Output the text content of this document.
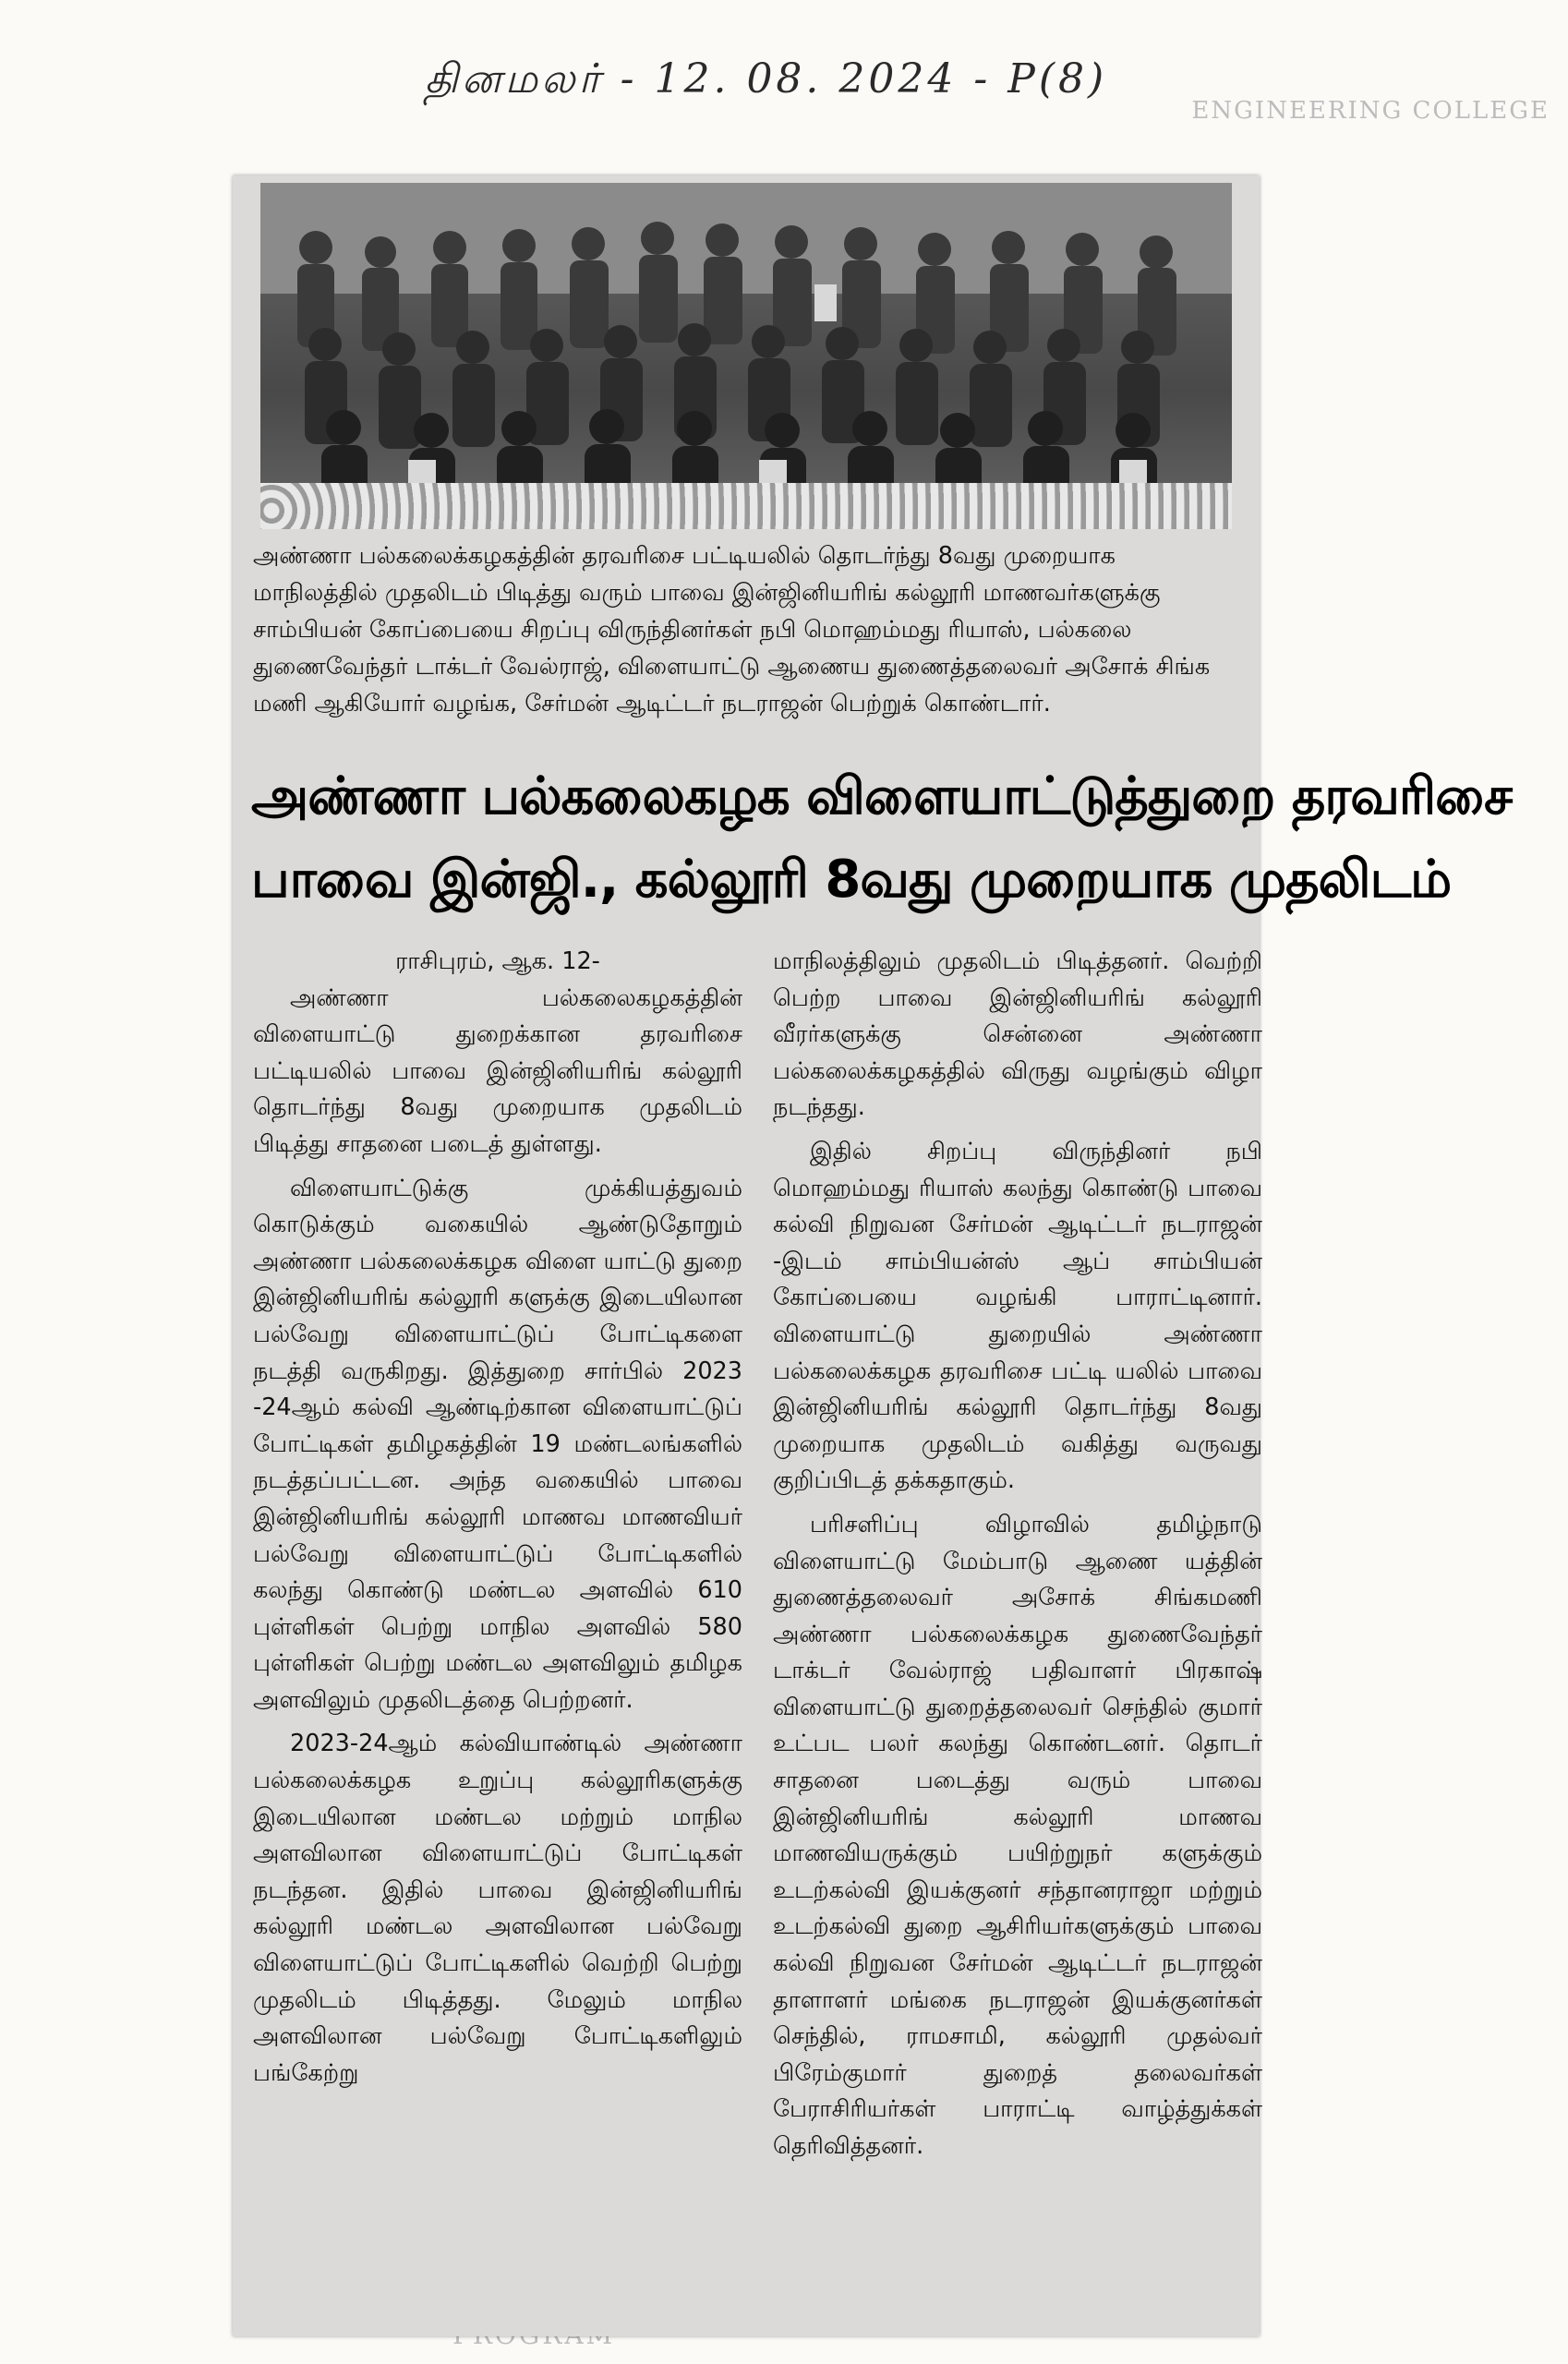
ENGINEERING COLLEGE
தினமலர் - 12. 08. 2024 - P(8)
அண்ணா பல்கலைக்கழகத்தின் தரவரிசை பட்டியலில் தொடர்ந்து 8வது முறையாக மாநிலத்தில் முதலிடம் பிடித்து வரும் பாவை இன்ஜினியரிங் கல்லூரி மாணவர்களுக்கு சாம்பியன் கோப்பையை சிறப்பு விருந்தினர்கள் நபி மொஹம்மது ரியாஸ், பல்கலை துணைவேந்தர் டாக்டர் வேல்ராஜ், விளையாட்டு ஆணைய துணைத்தலைவர் அசோக் சிங்க மணி ஆகியோர் வழங்க, சேர்மன் ஆடிட்டர் நடராஜன் பெற்றுக் கொண்டார்.
அண்ணா பல்கலைகழக விளையாட்டுத்துறை தரவரிசை
பாவை இன்ஜி., கல்லூரி 8வது முறையாக முதலிடம்
ராசிபுரம், ஆக. 12-

அண்ணா பல்கலைகழகத்தின் விளையாட்டு துறைக்கான தரவரிசை பட்டியலில் பாவை இன்ஜினியரிங் கல்லூரி தொடர்ந்து 8வது முறையாக முதலிடம் பிடித்து சாதனை படைத் துள்ளது.

விளையாட்டுக்கு முக்கியத்துவம் கொடுக்கும் வகையில் ஆண்டுதோறும் அண்ணா பல்கலைக்கழக விளை யாட்டு துறை இன்ஜினியரிங் கல்லூரி களுக்கு இடையிலான பல்வேறு விளையாட்டுப் போட்டிகளை நடத்தி வருகிறது. இத்துறை சார்பில் 2023 -24ஆம் கல்வி ஆண்டிற்கான விளையாட்டுப் போட்டிகள் தமிழகத்தின் 19 மண்டலங்களில் நடத்தப்பட்டன. அந்த வகையில் பாவை இன்ஜினியரிங் கல்லூரி மாணவ மாணவியர் பல்வேறு விளையாட்டுப் போட்டிகளில் கலந்து கொண்டு மண்டல அளவில் 610 புள்ளிகள் பெற்று மாநில அளவில் 580 புள்ளிகள் பெற்று மண்டல அளவிலும் தமிழக அளவிலும் முதலிடத்தை பெற்றனர்.

2023-24ஆம் கல்வியாண்டில் அண்ணா பல்கலைக்கழக உறுப்பு கல்லூரிகளுக்கு இடையிலான மண்டல மற்றும் மாநில அளவிலான விளையாட்டுப் போட்டிகள் நடந்தன. இதில் பாவை இன்ஜினியரிங் கல்லூரி மண்டல அளவிலான பல்வேறு விளையாட்டுப் போட்டிகளில் வெற்றி பெற்று முதலிடம் பிடித்தது. மேலும் மாநில அளவிலான பல்வேறு போட்டிகளிலும் பங்கேற்று

மாநிலத்திலும் முதலிடம் பிடித்தனர். வெற்றி பெற்ற பாவை இன்ஜினியரிங் கல்லூரி வீரர்களுக்கு சென்னை அண்ணா பல்கலைக்கழகத்தில் விருது வழங்கும் விழா நடந்தது.

இதில் சிறப்பு விருந்தினர் நபி மொஹம்மது ரியாஸ் கலந்து கொண்டு பாவை கல்வி நிறுவன சேர்மன் ஆடிட்டர் நடராஜன் -இடம் சாம்பியன்ஸ் ஆப் சாம்பியன் கோப்பையை வழங்கி பாராட்டினார். விளையாட்டு துறையில் அண்ணா பல்கலைக்கழக தரவரிசை பட்டி யலில் பாவை இன்ஜினியரிங் கல்லூரி தொடர்ந்து 8வது முறையாக முதலிடம் வகித்து வருவது குறிப்பிடத் தக்கதாகும்.

பரிசளிப்பு விழாவில் தமிழ்நாடு விளையாட்டு மேம்பாடு ஆணை யத்தின் துணைத்தலைவர் அசோக் சிங்கமணி அண்ணா பல்கலைக்கழக துணைவேந்தர் டாக்டர் வேல்ராஜ் பதிவாளர் பிரகாஷ் விளையாட்டு துறைத்தலைவர் செந்தில் குமார் உட்பட பலர் கலந்து கொண்டனர். தொடர் சாதனை படைத்து வரும் பாவை இன்ஜினியரிங் கல்லூரி மாணவ மாணவியருக்கும் பயிற்றுநர் களுக்கும் உடற்கல்வி இயக்குனர் சந்தானராஜா மற்றும் உடற்கல்வி துறை ஆசிரியர்களுக்கும் பாவை கல்வி நிறுவன சேர்மன் ஆடிட்டர் நடராஜன் தாளாளர் மங்கை நடராஜன் இயக்குனர்கள் செந்தில், ராமசாமி, கல்லூரி முதல்வர் பிரேம்குமார் துறைத் தலைவர்கள் பேராசிரியர்கள் பாராட்டி வாழ்த்துக்கள் தெரிவித்தனர்.
